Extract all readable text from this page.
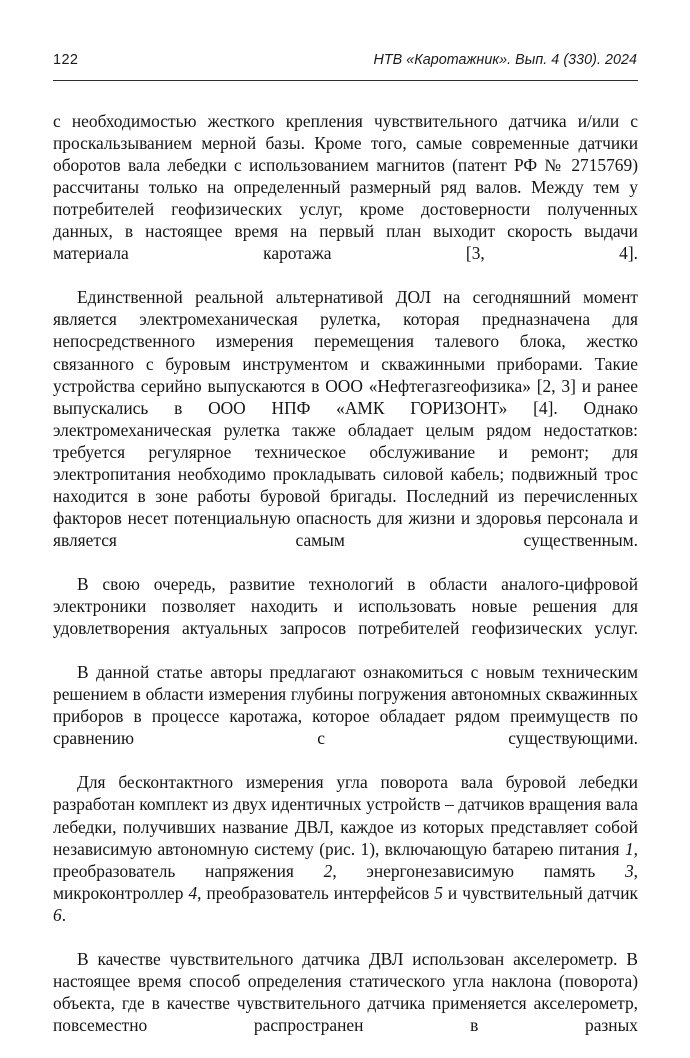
122	НТВ «Каротажник». Вып. 4 (330). 2024

с необходимостью жесткого крепления чувствительного датчика и/или с проскальзыванием мерной базы. Кроме того, самые современные датчики оборотов вала лебедки с использованием магнитов (патент РФ № 2715769) рассчитаны только на определенный размерный ряд валов. Между тем у потребителей геофизических услуг, кроме достоверности полученных данных, в настоящее время на первый план выходит скорость выдачи материала каротажа [3, 4].

Единственной реальной альтернативой ДОЛ на сегодняшний момент является электромеханическая рулетка, которая предназначена для непосредственного измерения перемещения талевого блока, жестко связанного с буровым инструментом и скважинными приборами. Такие устройства серийно выпускаются в ООО «Нефтегазгеофизика» [2, 3] и ранее выпускались в ООО НПФ «АМК ГОРИЗОНТ» [4]. Однако электромеханическая рулетка также обладает целым рядом недостатков: требуется регулярное техническое обслуживание и ремонт; для электропитания необходимо прокладывать силовой кабель; подвижный трос находится в зоне работы буровой бригады. Последний из перечисленных факторов несет потенциальную опасность для жизни и здоровья персонала и является самым существенным.

В свою очередь, развитие технологий в области аналого-цифровой электроники позволяет находить и использовать новые решения для удовлетворения актуальных запросов потребителей геофизических услуг.

В данной статье авторы предлагают ознакомиться с новым техническим решением в области измерения глубины погружения автономных скважинных приборов в процессе каротажа, которое обладает рядом преимуществ по сравнению с существующими.

Для бесконтактного измерения угла поворота вала буровой лебедки разработан комплект из двух идентичных устройств – датчиков вращения вала лебедки, получивших название ДВЛ, каждое из которых представляет собой независимую автономную систему (рис. 1), включающую батарею питания 1, преобразователь напряжения 2, энергонезависимую память 3, микроконтроллер 4, преобразователь интерфейсов 5 и чувствительный датчик 6.

В качестве чувствительного датчика ДВЛ использован акселерометр. В настоящее время способ определения статического угла наклона (поворота) объекта, где в качестве чувствительного датчика применяется акселерометр, повсеместно распространен в разных
